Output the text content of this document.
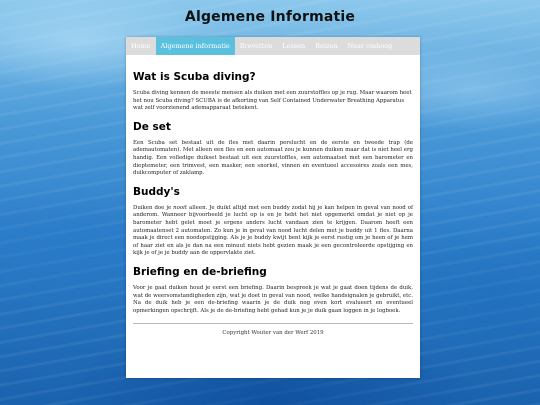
Algemene Informatie
Home	Algemene informatie	Brevetten	Lessen	Reizen	Naar omhoog
Wat is Scuba diving?

Scuba diving kennen de meeste mensen als duiken met een zuurstoffles op je rug. Maar waarom heet het nou Scuba diving? SCUBA is de afkorting van Self Contained Underwater Breathing Apparatus wat zelf voorzienend ademapparaat betekent.

De set

Een Scuba set bestaat uit de fles met daarin perslucht en de eerste en tweede trap (de ademautomaten). Met alleen een fles en een automaat zou je kunnen duiken maar dat is niet heel erg handig. Een volledige duikset bestaat uit een zuurstoffles, een automaatset met een barometer en dieptemeter, een trimvest, een masker, een snorkel, vinnen en eventueel accesoires zoals een mes, duikcomputer of zaklamp.

Buddy's

Duiken doe je nooit alleen. Je duikt altijd met een buddy zodat hij je kan helpen in geval van nood of anderom. Wanneer bijvoorbeeld je lucht op is en je hebt het niet opgemerkt omdat je niet op je barometer hebt gelet moet je ergens anders lucht vandaan zien te krijgen. Daarom heeft een automaatenset 2 automaten. Zo kun je in geval van nood lucht delen met je buddy uit 1 fles. Daarna maak je direct een noodopstijging. Als je je buddy kwijt bent kijk je eerst rustig om je heen of je hem of haar ziet en als je dan na een minuut niets hebt gezien maak je een gecontroleerde opstijging en kijk je of je je buddy aan de oppervlakte ziet.

Briefing en de-briefing

Voor je gaat duiken houd je eerst een briefing. Daarin bespreek je wat je gaat doen tijdens de duik, wat de weersomstandigheden zijn, wat je doet in geval van nood, welke handsignalen je gebruikt, etc. Na de duik heb je een de-briefing waarin je de duik nog even kort evalueert en eventueel opmerkingen opschrijft. Als je de de-briefing hebt gehad kun je je duik gaan loggen in je logboek.

Copyright Wouter van der Werf 2019
